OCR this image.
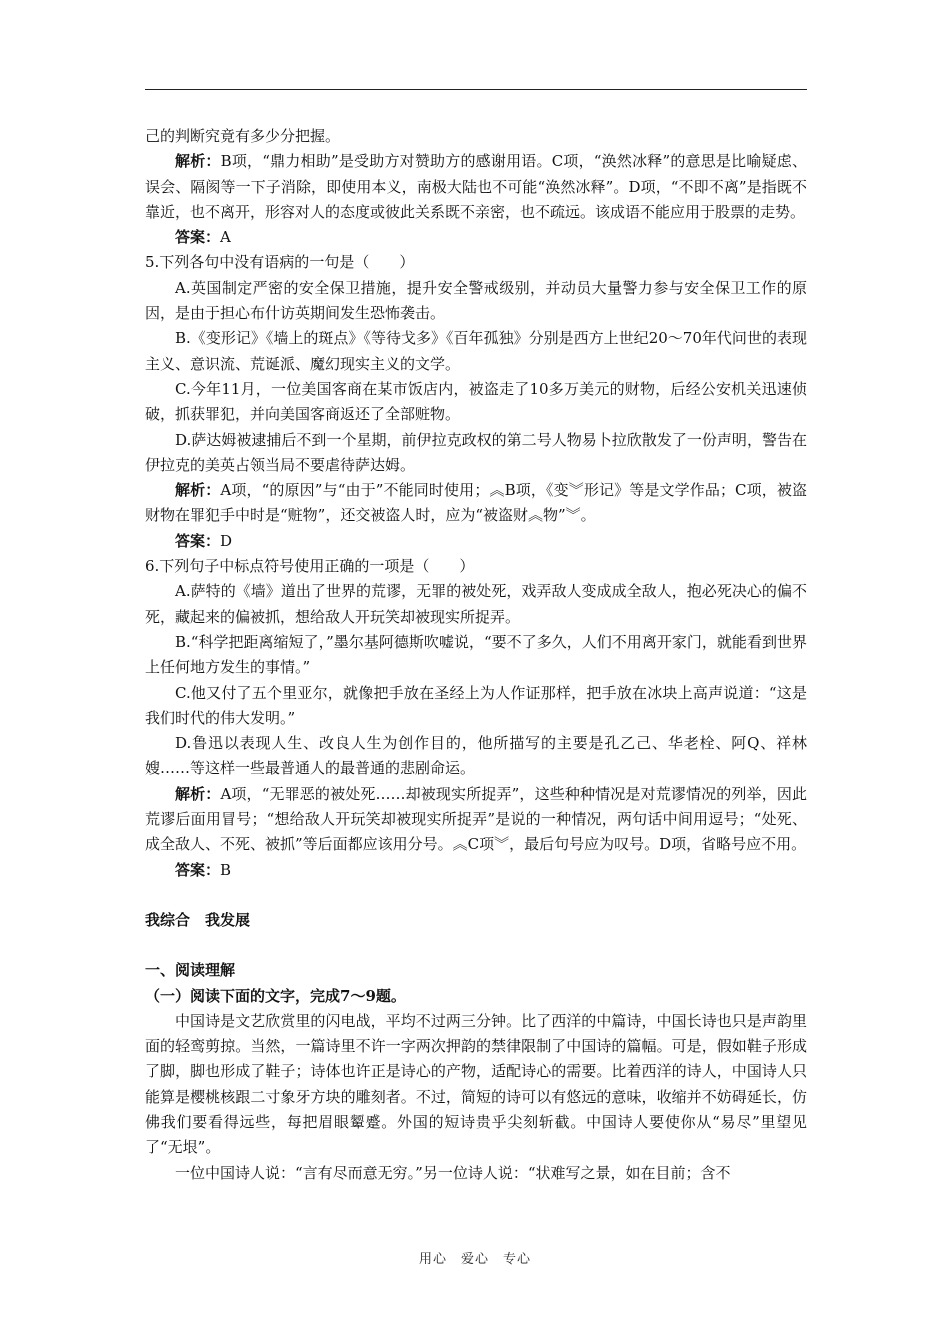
己的判断究竟有多少分把握。

解析：B项，“鼎力相助”是受助方对赞助方的感谢用语。C项，“涣然冰释”的意思是比喻疑虑、误会、隔阂等一下子消除，即使用本义，南极大陆也不可能“涣然冰释”。D项，“不即不离”是指既不靠近，也不离开，形容对人的态度或彼此关系既不亲密，也不疏远。该成语不能应用于股票的走势。

答案：A

5.下列各句中没有语病的一句是（　　）

A.英国制定严密的安全保卫措施，提升安全警戒级别，并动员大量警力参与安全保卫工作的原因，是由于担心布什访英期间发生恐怖袭击。

B.《变形记》《墙上的斑点》《等待戈多》《百年孤独》分别是西方上世纪20～70年代问世的表现主义、意识流、荒诞派、魔幻现实主义的文学。

C.今年11月，一位美国客商在某市饭店内，被盗走了10多万美元的财物，后经公安机关迅速侦破，抓获罪犯，并向美国客商返还了全部赃物。

D.萨达姆被逮捕后不到一个星期，前伊拉克政权的第二号人物易卜拉欣散发了一份声明，警告在伊拉克的美英占领当局不要虐待萨达姆。

解析：A项，“的原因”与“由于”不能同时使用；︽B项，《变︾形记》等是文学作品；C项，被盗财物在罪犯手中时是“赃物”，还交被盗人时，应为“被盗财︽物”︾。

答案：D

6.下列句子中标点符号使用正确的一项是（　　）

A.萨特的《墙》道出了世界的荒谬，无罪的被处死，戏弄敌人变成成全敌人，抱必死决心的偏不死，藏起来的偏被抓，想给敌人开玩笑却被现实所捉弄。

B.“科学把距离缩短了，”墨尔基阿德斯吹嘘说，“要不了多久，人们不用离开家门，就能看到世界上任何地方发生的事情。”

C.他又付了五个里亚尔，就像把手放在圣经上为人作证那样，把手放在冰块上高声说道：“这是我们时代的伟大发明。”

D.鲁迅以表现人生、改良人生为创作目的，他所描写的主要是孔乙己、华老栓、阿Q、祥林嫂……等这样一些最普通人的最普通的悲剧命运。

解析：A项，“无罪恶的被处死……却被现实所捉弄”，这些种种情况是对荒谬情况的列举，因此荒谬后面用冒号；“想给敌人开玩笑却被现实所捉弄”是说的一种情况，两句话中间用逗号；“处死、成全敌人、不死、被抓”等后面都应该用分号。︽C项︾，最后句号应为叹号。D项，省略号应不用。

答案：B

我综合　我发展

一、阅读理解

（一）阅读下面的文字，完成7～9题。

中国诗是文艺欣赏里的闪电战，平均不过两三分钟。比了西洋的中篇诗，中国长诗也只是声韵里面的轻鸾剪掠。当然，一篇诗里不许一字两次押韵的禁律限制了中国诗的篇幅。可是，假如鞋子形成了脚，脚也形成了鞋子；诗体也许正是诗心的产物，适配诗心的需要。比着西洋的诗人，中国诗人只能算是樱桃核跟二寸象牙方块的雕刻者。不过，简短的诗可以有悠远的意味，收缩并不妨碍延长，仿佛我们要看得远些，每把眉眼颦蹙。外国的短诗贵乎尖刻斩截。中国诗人要使你从“易尽”里望见了“无垠”。

一位中国诗人说：“言有尽而意无穷。”另一位诗人说：“状难写之景，如在目前；含不

用心　爱心　专心
